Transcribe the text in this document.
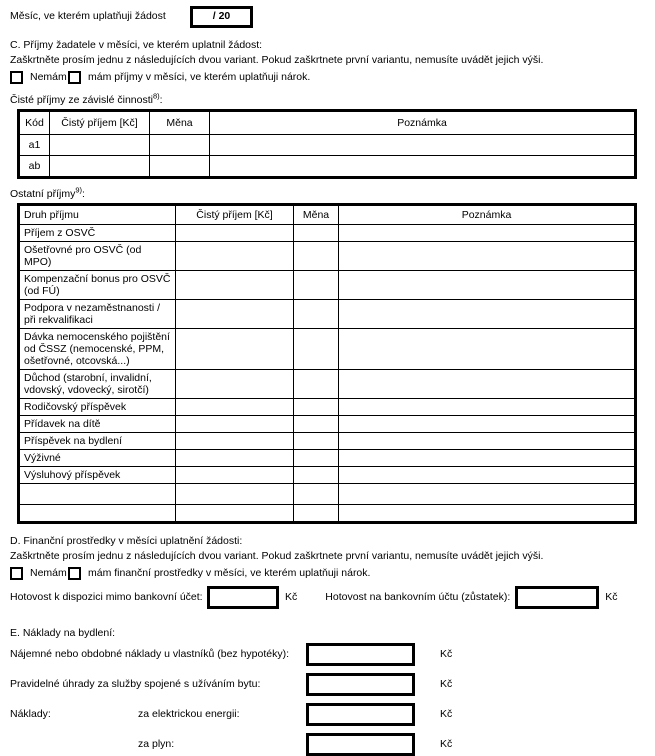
Měsíc, ve kterém uplatňuji žádost	/ 20
C. Příjmy žadatele v měsíci, ve kterém uplatnil žádost:
Zaškrtněte prosím jednu z následujících dvou variant. Pokud zaškrtnete první variantu, nemusíte uvádět jejich výši.
Nemám mám příjmy v měsíci, ve kterém uplatňuji nárok.
Čisté příjmy ze závislé činnosti$^{8)}$:
Kód	Čistý příjem [Kč]	Měna	Poznámka
a1			
ab			
Ostatní příjmy$^{9)}$:
Druh příjmu	Čistý příjem [Kč]	Měna	Poznámka
Příjem z OSVČ			
Ošetřovné pro OSVČ (od MPO)			
Kompenzační bonus pro OSVČ (od FÚ)			
Podpora v nezaměstnanosti / při rekvalifikaci			
Dávka nemocenského pojištění od ČSSZ (nemocenské, PPM, ošetřovné, otcovská...)			
Důchod (starobní, invalidní, vdovský, vdovecký, sirotčí)			
Rodičovský příspěvek			
Přídavek na dítě			
Příspěvek na bydlení			
Výživné			
Výsluhový příspěvek			

D. Finanční prostředky v měsíci uplatnění žádosti:
Zaškrtněte prosím jednu z následujících dvou variant. Pokud zaškrtnete první variantu, nemusíte uvádět jejich výši.
Nemám mám finanční prostředky v měsíci, ve kterém uplatňuji nárok.
Hotovost k dispozici mimo bankovní účet:	Kč	Hotovost na bankovním účtu (zůstatek):	Kč
E. Náklady na bydlení:
Nájemné nebo obdobné náklady u vlastníků (bez hypotéky):	Kč
Pravidelné úhrady za služby spojené s užíváním bytu:	Kč
Náklady:	za elektrickou energii:	Kč
za plyn:	Kč
